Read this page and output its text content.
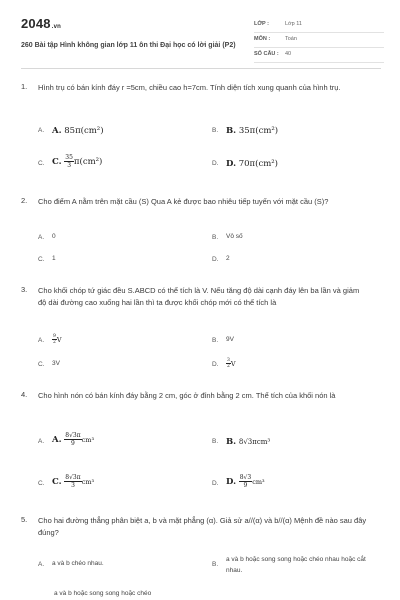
2048.vn
260 Bài tập Hình không gian lớp 11 ôn thi Đại học có lời giải (P2)
LỚP :	Lớp 11
MÔN :	Toán
SỐ CÂU : 40
1.	Hình trụ có bán kính đáy r =5cm, chiều cao h=7cm. Tính diện tích xung quanh của hình trụ.
A. A. 85π(cm²)	B. B. 35π(cm²)
C. C. $\frac{35}{3} \pi(cm^2)$	D. D. 70π(cm²)
2.	Cho điểm A nằm trên mặt cầu (S) Qua A kẻ được bao nhiêu tiếp tuyến với mặt cầu (S)?
A. 0	B. Vô số
C. 1	D. 2
3.	Cho khối chóp tứ giác đều S.ABCD có thể tích là V. Nếu tăng độ dài cạnh đáy lên ba lần và giảm độ dài đường cao xuống hai lần thì ta được khối chóp mới có thể tích là
A. $\frac{9}{2}$ V	B. 9V
C. 3V	D. $\frac{3}{2}$ V
4.	Cho hình nón có bán kính đáy bằng 2 cm, góc ở đỉnh bằng 2 cm. Thể tích của khối nón là
A. A. $\frac{8√3\pi}{9} cm^3$	B. B. 8√3πcm³
C. C. $\frac{8√3\pi}{3} cm^3$	D. D. $\frac{8√3}{9} cm^3$
5.	Cho hai đường thẳng phân biệt a, b và mặt phẳng (α). Giả sử a//(α) và b//(α) Mệnh đề nào sau đây đúng?
A. a và b chéo nhau.	B.
a và b hoặc song song hoặc chéo nhau hoặc cắt nhau.
a và b hoặc song song hoặc chéo
